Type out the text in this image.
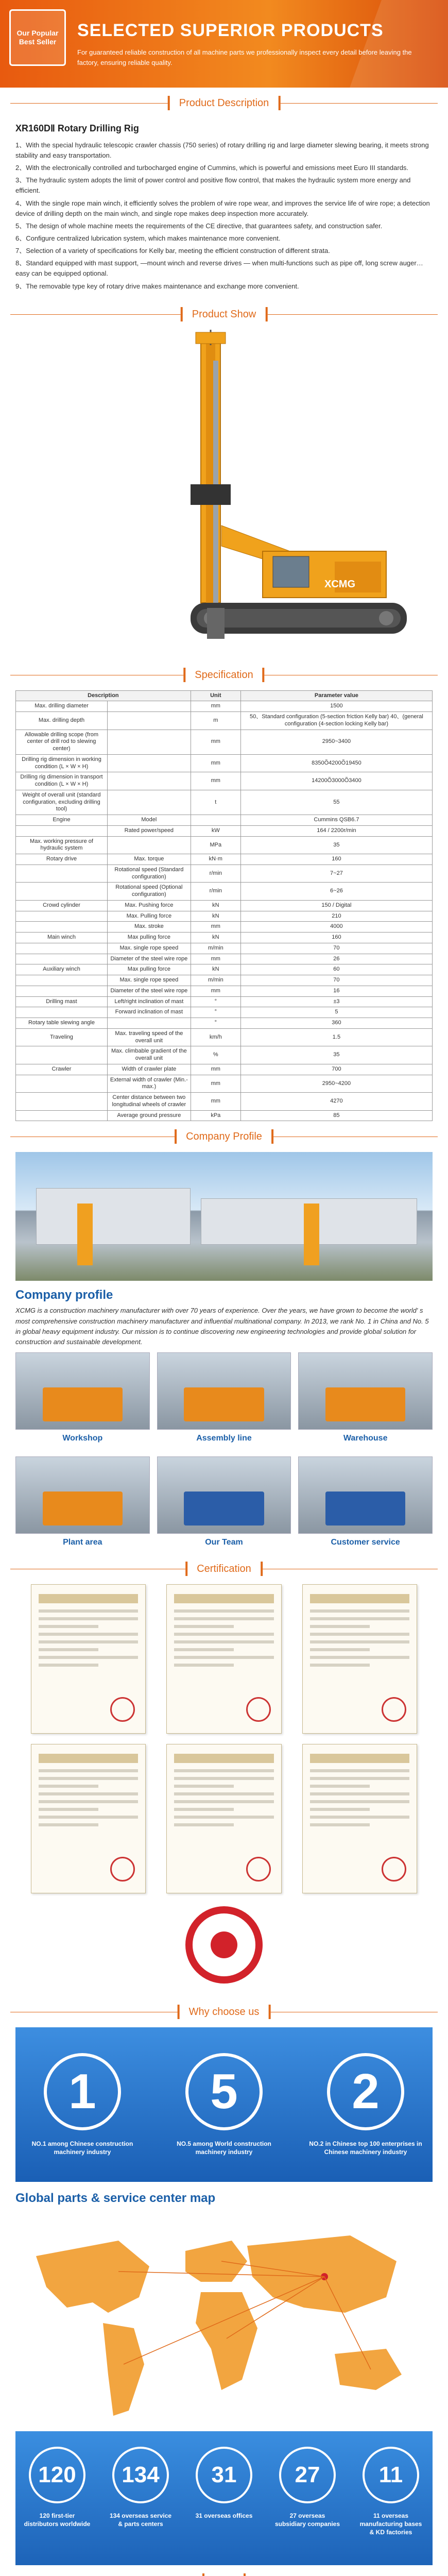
Our Popular Best Seller
SELECTED SUPERIOR PRODUCTS
For guaranteed reliable construction of all machine parts we professionally inspect every detail before leaving the factory, ensuring reliable quality.
Product Description
XR160DⅡ Rotary Drilling Rig

1、With the special hydraulic telescopic crawler chassis (750 series) of rotary drilling rig and large diameter slewing bearing, it meets strong stability and easy transportation.

2、With the electronically controlled and turbocharged engine of Cummins, which is powerful and emissions meet Euro III standards.

3、The hydraulic system adopts the limit of power control and positive flow control, that makes the hydraulic system more energy and efficient.

4、With the single rope main winch, it efficiently solves the problem of wire rope wear, and improves the service life of wire rope; a detection device of drilling depth on the main winch, and single rope makes deep inspection more accurately.

5、The design of whole machine meets the requirements of the CE directive, that guarantees safety, and construction safer.

6、Configure centralized lubrication system, which makes maintenance more convenient.

7、Selection of a variety of specifications for Kelly bar, meeting the efficient construction of different strata.

8、Standard equipped with mast support, —mount winch and reverse drives — when multi-functions such as pipe off, long screw auger… easy can be equipped optional.

9、The removable type key of rotary drive makes maintenance and exchange more convenient.

Product Show
XCMG
Specification
Description		Unit	Parameter value
Max. drilling diameter		mm	1500
Max. drilling depth		m	50、Standard configuration (5-section friction Kelly bar) 40、(general configuration (4-section locking Kelly bar)
Allowable drilling scope (from center of drill rod to slewing center)		mm	2950~3400
Drilling rig dimension in working condition (L × W × H)		mm	8350Õ4200Õ19450
Drilling rig dimension in transport condition (L × W × H)		mm	14200Õ3000Õ3400
Weight of overall unit (standard configuration, excluding drilling tool)		t	55
Engine	Model		Cummins QSB6.7
	Rated power/speed	kW	164 / 2200r/min
Max. working pressure of hydraulic system		MPa	35
Rotary drive	Max. torque	kN·m	160
	Rotational speed (Standard configuration)	r/min	7~27
	Rotational speed (Optional configuration)	r/min	6~26
Crowd cylinder	Max. Pushing force	kN	150 / Digital
	Max. Pulling force	kN	210
	Max. stroke	mm	4000
Main winch	Max pulling force	kN	160
	Max. single rope speed	m/min	70
	Diameter of the steel wire rope	mm	26
Auxiliary winch	Max pulling force	kN	60
	Max. single rope speed	m/min	70
	Diameter of the steel wire rope	mm	16
Drilling mast	Left/right inclination of mast	°	±3
	Forward inclination of mast	°	5
Rotary table slewing angle		°	360
Traveling	Max. traveling speed of the overall unit	km/h	1.5
	Max. climbable gradient of the overall unit	%	35
Crawler	Width of crawler plate	mm	700
	External width of crawler (Min.-max.)	mm	2950~4200
	Center distance between two longitudinal wheels of crawler	mm	4270
	Average ground pressure	kPa	85
Company Profile
Company profile
XCMG is a construction machinery manufacturer with over 70 years of experience. Over the years, we have grown to become the world' s most comprehensive construction machinery manufacturer and influential multinational company. In 2013, we rank No. 1 in China and No. 5 in global heavy equipment industry. Our mission is to continue discovering new engineering technologies and provide global solution for construction and sustainable development.
Workshop	Assembly line	Warehouse
Plant area	Our Team	Customer service
Certification
Why choose us
1
NO.1 among Chinese construction machinery industry
5
NO.5 among World construction machinery industry
2
NO.2 in Chinese top 100 enterprises in Chinese machinery industry
Global parts & service center map
120
120 first-tier distributors worldwide
134
134 overseas service & parts centers
31
31 overseas offices
27
27 overseas subsidiary companies
11
11 overseas manufacturing bases & KD factories
